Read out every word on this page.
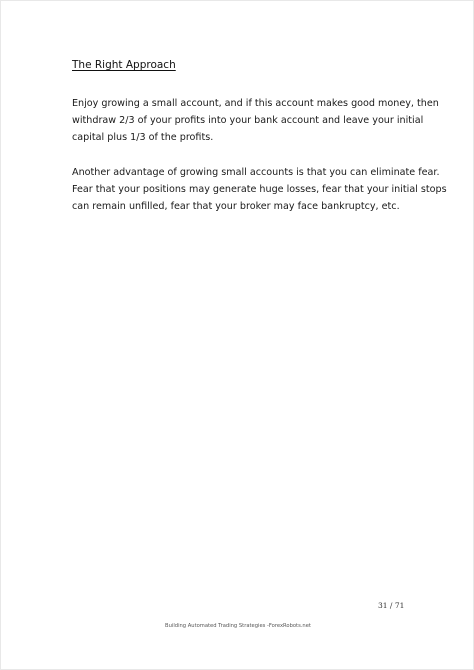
The Right Approach

Enjoy growing a small account, and if this account makes good money, then
withdraw 2/3 of your profits into your bank account and leave your initial
capital plus 1/3 of the profits.

Another advantage of growing small accounts is that you can eliminate fear.
Fear that your positions may generate huge losses, fear that your initial stops
can remain unfilled, fear that your broker may face bankruptcy, etc.

31 / 71

Building Automated Trading Strategies -ForexRobots.net
